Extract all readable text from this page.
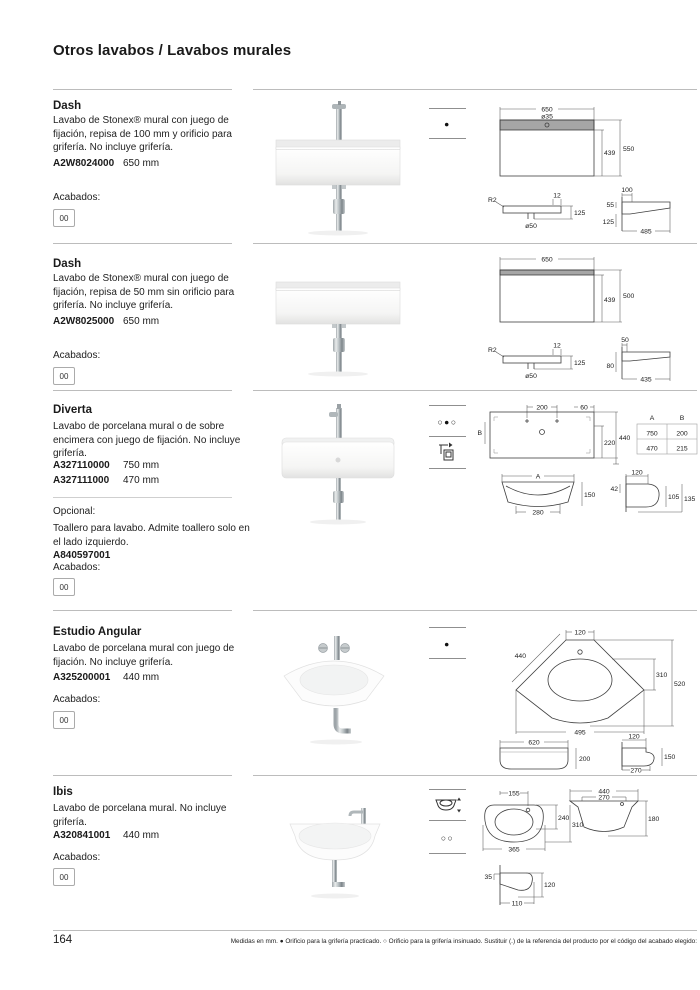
Otros lavabos / Lavabos murales
Dash

Lavabo de Stonex® mural con juego de fijación, repisa de 100 mm y orificio para grifería. No incluye grifería.

A2W8024000 650 mm
Acabados:
00
●
650
ø35
439
550
R2
12
125
ø50
100
55
125
485
Dash

Lavabo de Stonex® mural con juego de fijación, repisa de 50 mm sin orificio para grifería. No incluye grifería.

A2W8025000 650 mm
Acabados:
00
650
439
500
R2
12
125
ø50
50
80
435
Diverta

Lavabo de porcelana mural o de sobre encimera con juego de fijación. No incluye grifería.

A327110000 750 mm
A327111000 470 mm
Opcional:

Toallero para lavabo. Admite toallero solo en el lado izquierdo.

A840597001
Acabados:
00
○●○
200	60
B
220
440
A	B
750	200
470	215
A
150
280
120
42
105 135
Estudio Angular

Lavabo de porcelana mural con juego de fijación. No incluye grifería.

A325200001 440 mm
Acabados:
00
●
120
440
310
520
495
620
200
120
150
270
Ibis

Lavabo de porcelana mural. No incluye grifería.

A320841001 440 mm
Acabados:
00
○○
155
240
310
365
440
270
180
35
120
110
164	Medidas en mm. ● Orificio para la grifería practicado. ○ Orificio para la grifería insinuado. Sustituir (.) de la referencia del producto por el código del acabado elegido:
